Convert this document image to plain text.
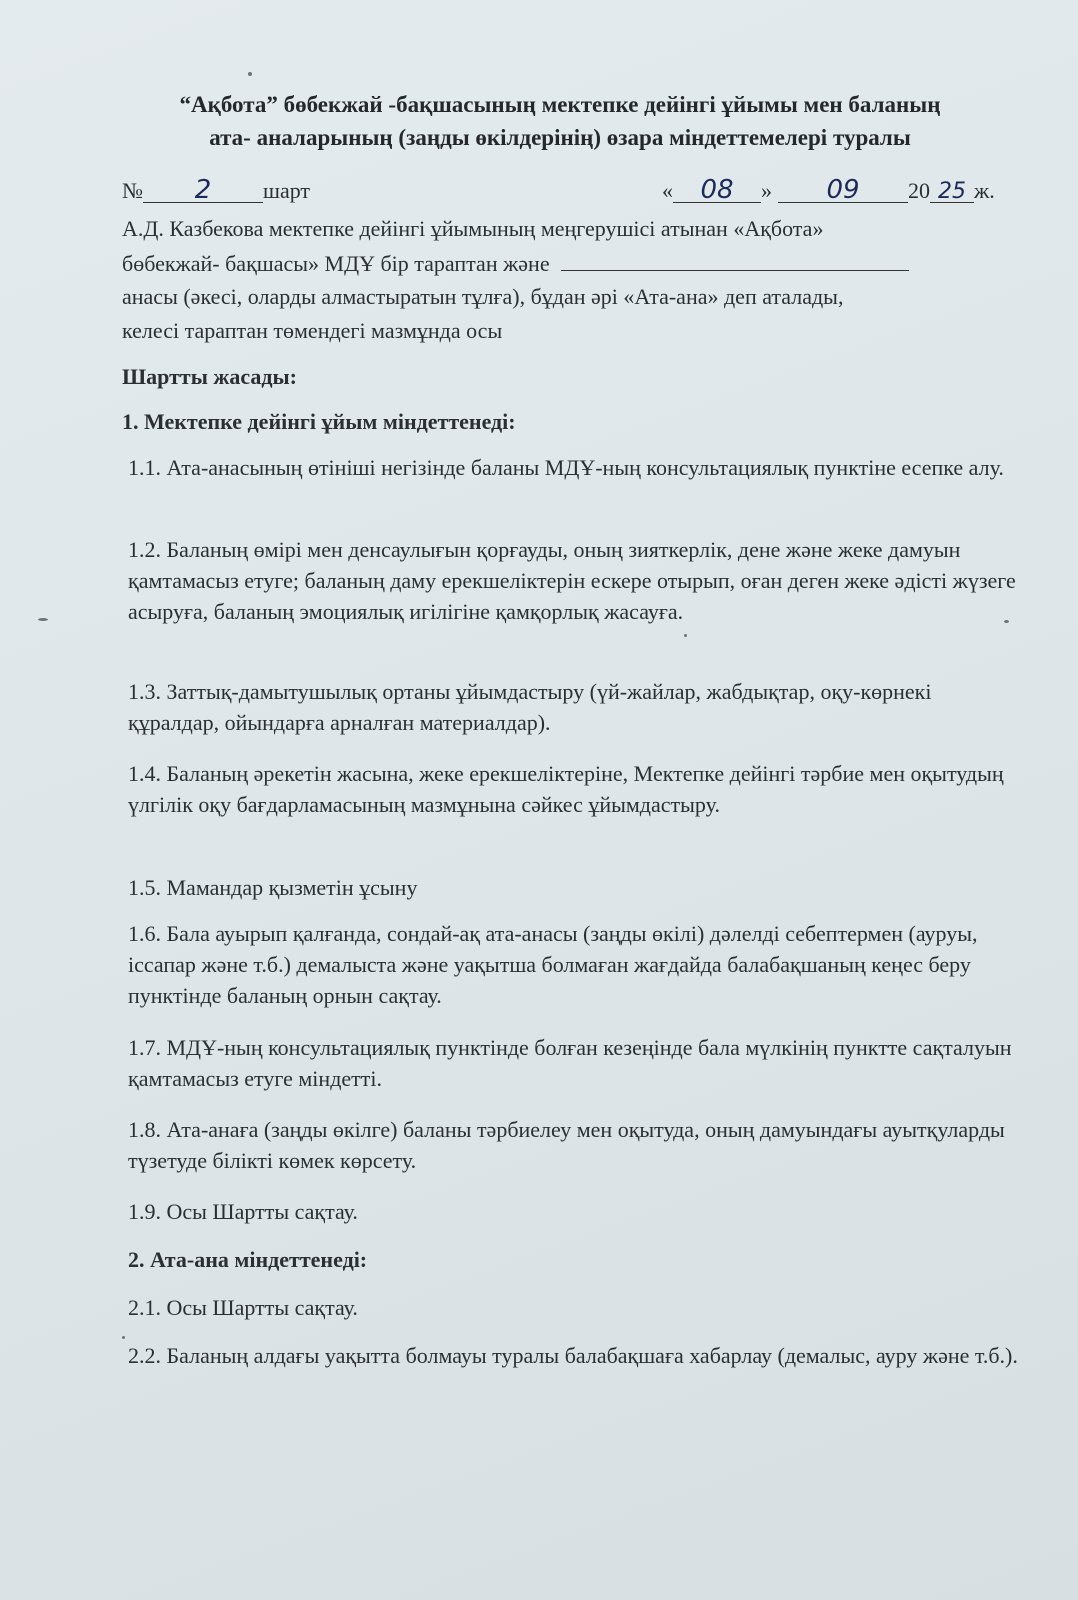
“Ақбота” бөбекжай -бақшасының мектепке дейінгі ұйымы мен баланың
ата- аналарының (заңды өкілдерінің) өзара міндеттемелері туралы
№ 2 шарт	« 08 » 09 20 25 ж.
А.Д. Казбекова мектепке дейінгі ұйымының меңгерушісі атынан «Ақбота»
бөбекжай- бақшасы» МДҰ бір тараптан және
анасы (әкесі, оларды алмастыратын тұлға), бұдан әрі «Ата-ана» деп аталады,
келесі тараптан төмендегі мазмұнда осы
Шартты жасады:
1. Мектепке дейінгі ұйым міндеттенеді:
1.1. Ата-анасының өтініші негізінде баланы МДҰ-ның консультациялық пунктіне есепке алу.
1.2. Баланың өмірі мен денсаулығын қорғауды, оның зияткерлік, дене және жеке дамуын қамтамасыз етуге; баланың даму ерекшеліктерін ескере отырып, оған деген жеке әдісті жүзеге асыруға, баланың эмоциялық игілігіне қамқорлық жасауға.
1.3. Заттық-дамытушылық ортаны ұйымдастыру (үй-жайлар, жабдықтар, оқу-көрнекі құралдар, ойындарға арналған материалдар).
1.4. Баланың әрекетін жасына, жеке ерекшеліктеріне, Мектепке дейінгі тәрбие мен оқытудың үлгілік оқу бағдарламасының мазмұнына сәйкес ұйымдастыру.
1.5. Мамандар қызметін ұсыну
1.6. Бала ауырып қалғанда, сондай-ақ ата-анасы (заңды өкілі) дәлелді себептермен (ауруы, іссапар және т.б.) демалыста және уақытша болмаған жағдайда балабақшаның кеңес беру пунктінде баланың орнын сақтау.
1.7. МДҰ-ның консультациялық пунктінде болған кезеңінде бала мүлкінің пунктте сақталуын қамтамасыз етуге міндетті.
1.8. Ата-анаға (заңды өкілге) баланы тәрбиелеу мен оқытуда, оның дамуындағы ауытқуларды түзетуде білікті көмек көрсету.
1.9. Осы Шартты сақтау.
2. Ата-ана міндеттенеді:
2.1. Осы Шартты сақтау.
2.2. Баланың алдағы уақытта болмауы туралы балабақшаға хабарлау (демалыс, ауру және т.б.).
